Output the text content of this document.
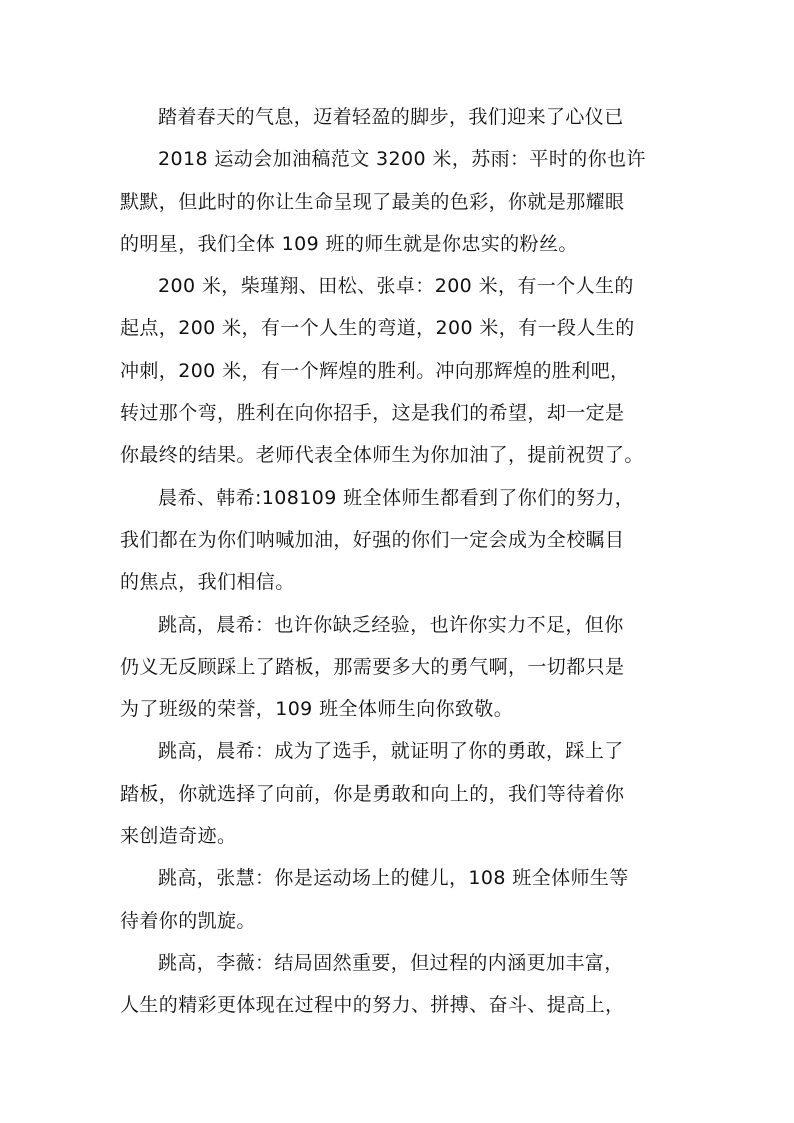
踏着春天的气息，迈着轻盈的脚步，我们迎来了心仪已
2018 运动会加油稿范文 3200 米，苏雨：平时的你也许
默默，但此时的你让生命呈现了最美的色彩，你就是那耀眼
的明星，我们全体 109 班的师生就是你忠实的粉丝。

200 米，柴瑾翔、田松、张卓：200 米，有一个人生的
起点，200 米，有一个人生的弯道，200 米，有一段人生的
冲刺，200 米，有一个辉煌的胜利。冲向那辉煌的胜利吧，
转过那个弯，胜利在向你招手，这是我们的希望，却一定是
你最终的结果。老师代表全体师生为你加油了，提前祝贺了。

晨希、韩希:108109 班全体师生都看到了你们的努力，
我们都在为你们呐喊加油，好强的你们一定会成为全校瞩目
的焦点，我们相信。

跳高，晨希：也许你缺乏经验，也许你实力不足，但你
仍义无反顾踩上了踏板，那需要多大的勇气啊，一切都只是
为了班级的荣誉，109 班全体师生向你致敬。

跳高，晨希：成为了选手，就证明了你的勇敢，踩上了
踏板，你就选择了向前，你是勇敢和向上的，我们等待着你
来创造奇迹。

跳高，张慧：你是运动场上的健儿，108 班全体师生等
待着你的凯旋。

跳高，李薇：结局固然重要，但过程的内涵更加丰富，
人生的精彩更体现在过程中的努力、拼搏、奋斗、提高上，
